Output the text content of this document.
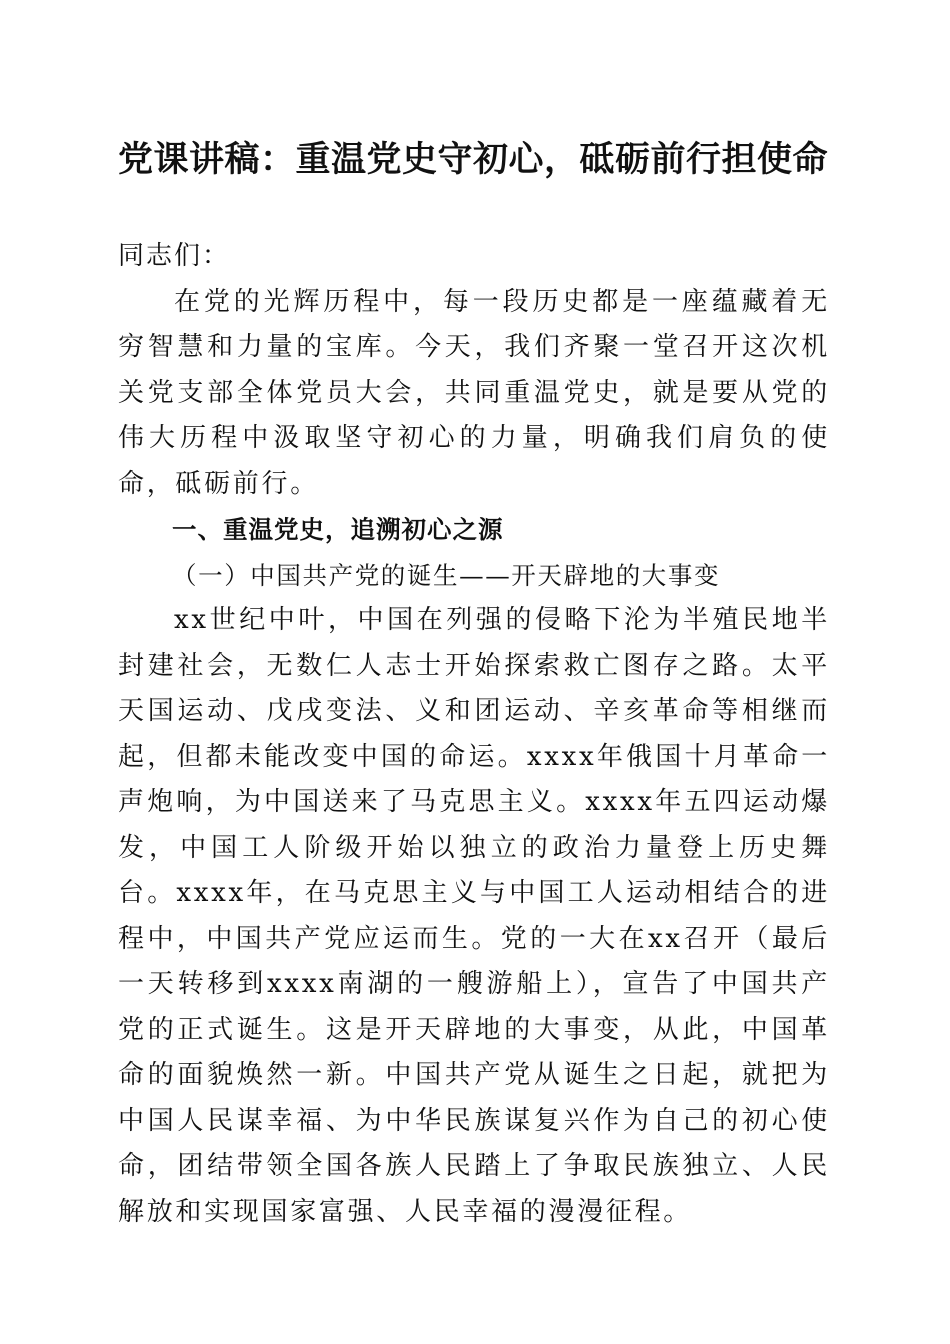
党课讲稿：重温党史守初心，砥砺前行担使命

同志们：

在党的光辉历程中，每一段历史都是一座蕴藏着无穷智慧和力量的宝库。今天，我们齐聚一堂召开这次机关党支部全体党员大会，共同重温党史，就是要从党的伟大历程中汲取坚守初心的力量，明确我们肩负的使命，砥砺前行。

一、重温党史，追溯初心之源

（一）中国共产党的诞生——开天辟地的大事变

xx世纪中叶，中国在列强的侵略下沦为半殖民地半封建社会，无数仁人志士开始探索救亡图存之路。太平天国运动、戊戌变法、义和团运动、辛亥革命等相继而起，但都未能改变中国的命运。xxxx年俄国十月革命一声炮响，为中国送来了马克思主义。xxxx年五四运动爆发，中国工人阶级开始以独立的政治力量登上历史舞台。xxxx年，在马克思主义与中国工人运动相结合的进程中，中国共产党应运而生。党的一大在xx召开（最后一天转移到xxxx南湖的一艘游船上），宣告了中国共产党的正式诞生。这是开天辟地的大事变，从此，中国革命的面貌焕然一新。中国共产党从诞生之日起，就把为中国人民谋幸福、为中华民族谋复兴作为自己的初心使命，团结带领全国各族人民踏上了争取民族独立、人民解放和实现国家富强、人民幸福的漫漫征程。
